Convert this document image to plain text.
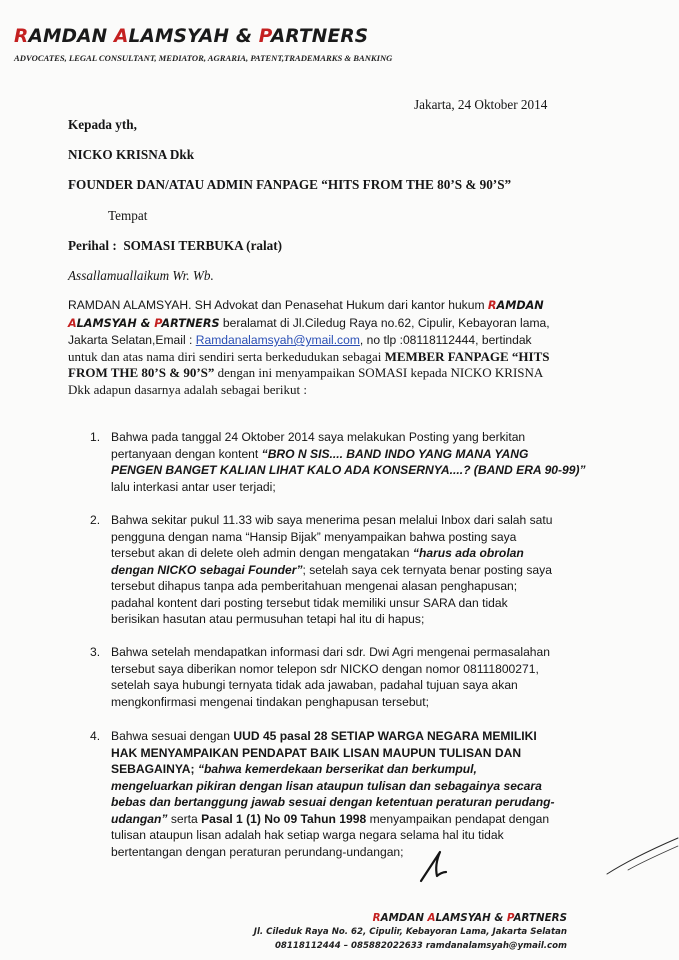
RAMDAN ALAMSYAH & PARTNERS
ADVOCATES, LEGAL CONSULTANT, MEDIATOR, AGRARIA, PATENT,TRADEMARKS & BANKING
Jakarta, 24 Oktober 2014
Kepada yth,
NICKO KRISNA Dkk
FOUNDER DAN/ATAU ADMIN FANPAGE “HITS FROM THE 80’S & 90’S”
Tempat
Perihal : SOMASI TERBUKA (ralat)
Assallamuallaikum Wr. Wb.
RAMDAN ALAMSYAH. SH Advokat dan Penasehat Hukum dari kantor hukum RAMDAN
ALAMSYAH & PARTNERS beralamat di Jl.Ciledug Raya no.62, Cipulir, Kebayoran lama,
Jakarta Selatan,Email : Ramdanalamsyah@ymail.com, no tlp :08118112444, bertindak
untuk dan atas nama diri sendiri serta berkedudukan sebagai MEMBER FANPAGE “HITS
FROM THE 80’S & 90’S” dengan ini menyampaikan SOMASI kepada NICKO KRISNA
Dkk adapun dasarnya adalah sebagai berikut :
1. Bahwa pada tanggal 24 Oktober 2014 saya melakukan Posting yang berkitan
pertanyaan dengan kontent “BRO N SIS.... BAND INDO YANG MANA YANG
PENGEN BANGET KALIAN LIHAT KALO ADA KONSERNYA....? (BAND ERA 90-99)”
lalu interkasi antar user terjadi;
2. Bahwa sekitar pukul 11.33 wib saya menerima pesan melalui Inbox dari salah satu
pengguna dengan nama “Hansip Bijak” menyampaikan bahwa posting saya
tersebut akan di delete oleh admin dengan mengatakan “harus ada obrolan
dengan NICKO sebagai Founder”; setelah saya cek ternyata benar posting saya
tersebut dihapus tanpa ada pemberitahuan mengenai alasan penghapusan;
padahal kontent dari posting tersebut tidak memiliki unsur SARA dan tidak
berisikan hasutan atau permusuhan tetapi hal itu di hapus;
3. Bahwa setelah mendapatkan informasi dari sdr. Dwi Agri mengenai permasalahan
tersebut saya diberikan nomor telepon sdr NICKO dengan nomor 08111800271,
setelah saya hubungi ternyata tidak ada jawaban, padahal tujuan saya akan
mengkonfirmasi mengenai tindakan penghapusan tersebut;
4. Bahwa sesuai dengan UUD 45 pasal 28 SETIAP WARGA NEGARA MEMILIKI
HAK MENYAMPAIKAN PENDAPAT BAIK LISAN MAUPUN TULISAN DAN
SEBAGAINYA; “bahwa kemerdekaan berserikat dan berkumpul,
mengeluarkan pikiran dengan lisan ataupun tulisan dan sebagainya secara
bebas dan bertanggung jawab sesuai dengan ketentuan peraturan perudang-
udangan” serta Pasal 1 (1) No 09 Tahun 1998 menyampaikan pendapat dengan
tulisan ataupun lisan adalah hak setiap warga negara selama hal itu tidak
bertentangan dengan peraturan perundang-undangan;
RAMDAN ALAMSYAH & PARTNERS
Jl. Cileduk Raya No. 62, Cipulir, Kebayoran Lama, Jakarta Selatan
08118112444 – 085882022633 ramdanalamsyah@ymail.com
